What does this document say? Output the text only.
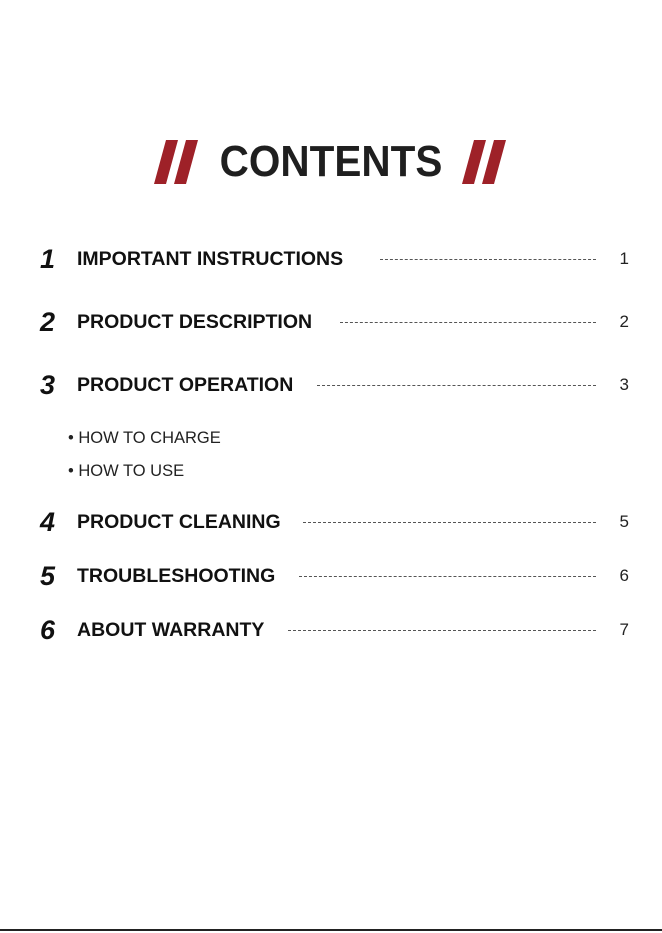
CONTENTS
1	IMPORTANT INSTRUCTIONS	1
2	PRODUCT DESCRIPTION	2
3	PRODUCT OPERATION	3
• HOW TO CHARGE
• HOW TO USE
4	PRODUCT CLEANING	5
5	TROUBLESHOOTING	6
6	ABOUT WARRANTY	7
